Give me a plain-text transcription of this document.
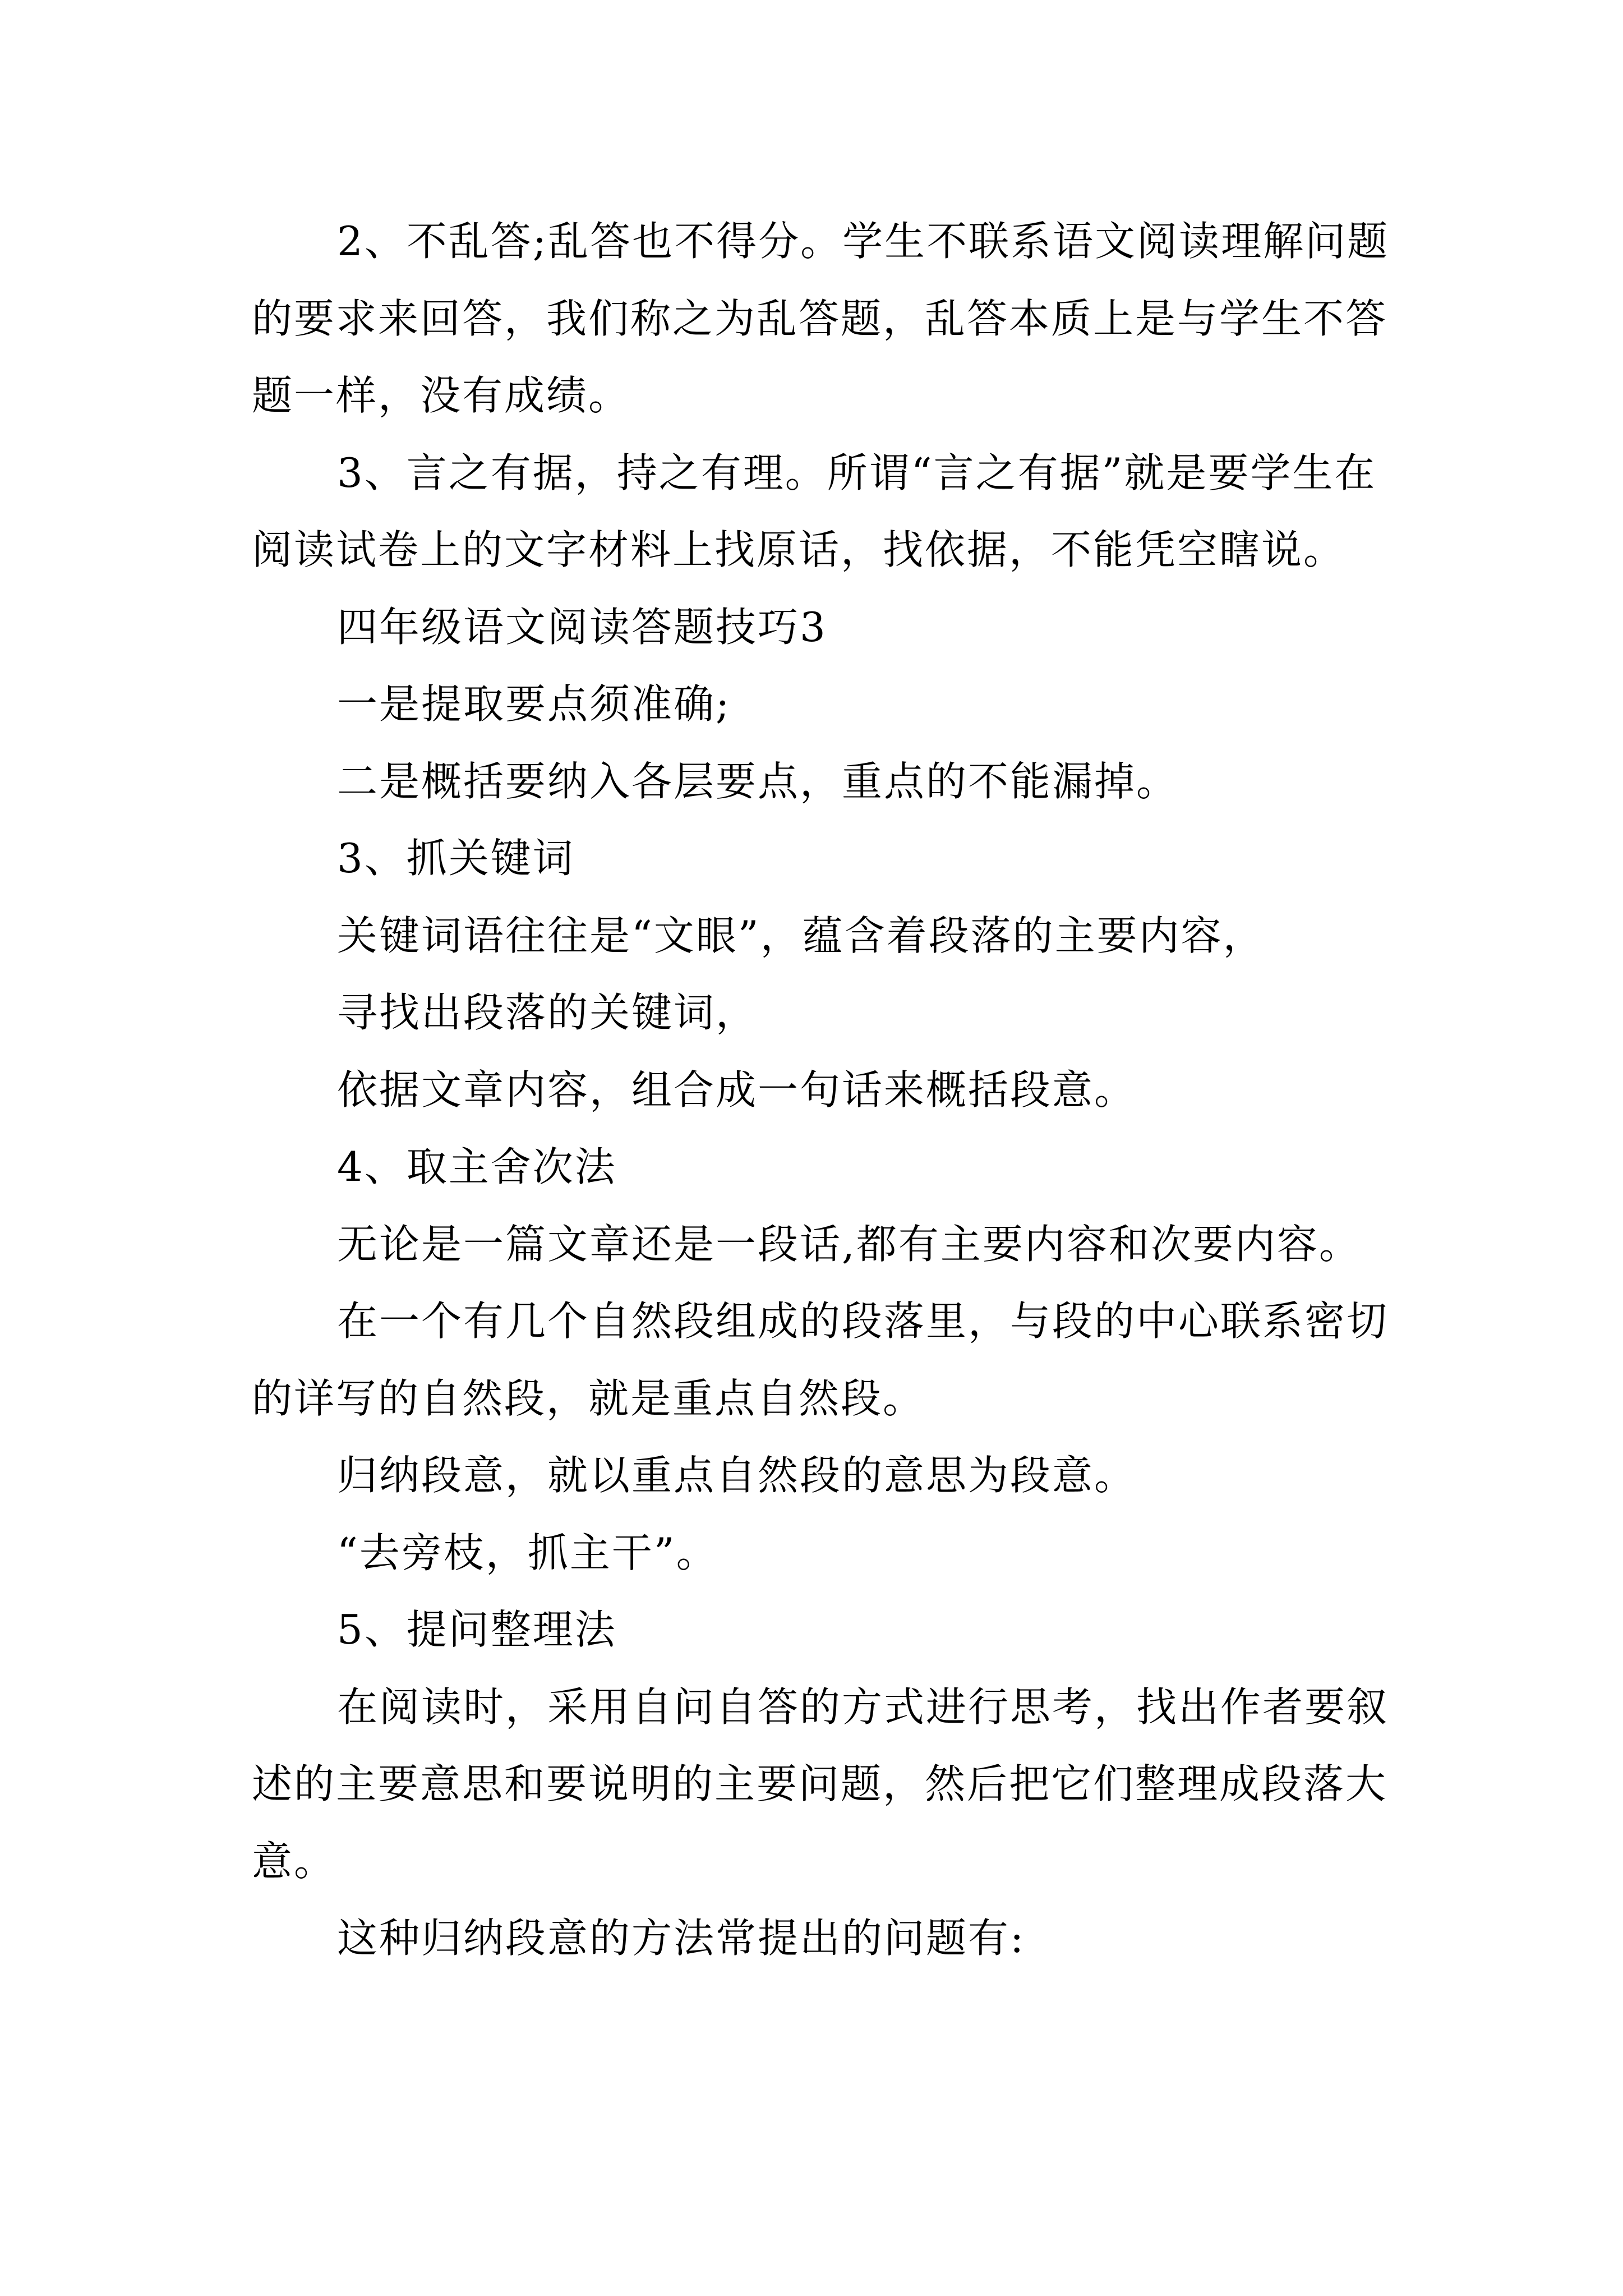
2、不乱答;乱答也不得分。学生不联系语文阅读理解问题的要求来回答，我们称之为乱答题，乱答本质上是与学生不答题一样，没有成绩。

3、言之有据，持之有理。所谓“言之有据”就是要学生在阅读试卷上的文字材料上找原话，找依据，不能凭空瞎说。

四年级语文阅读答题技巧3

一是提取要点须准确;

二是概括要纳入各层要点，重点的不能漏掉。

3、抓关键词

关键词语往往是“文眼”，蕴含着段落的主要内容，

寻找出段落的关键词，

依据文章内容，组合成一句话来概括段意。

4、取主舍次法

无论是一篇文章还是一段话,都有主要内容和次要内容。

在一个有几个自然段组成的段落里，与段的中心联系密切的详写的自然段，就是重点自然段。

归纳段意，就以重点自然段的意思为段意。

“去旁枝，抓主干”。

5、提问整理法

在阅读时，采用自问自答的方式进行思考，找出作者要叙述的主要意思和要说明的主要问题，然后把它们整理成段落大意。

这种归纳段意的方法常提出的问题有:
